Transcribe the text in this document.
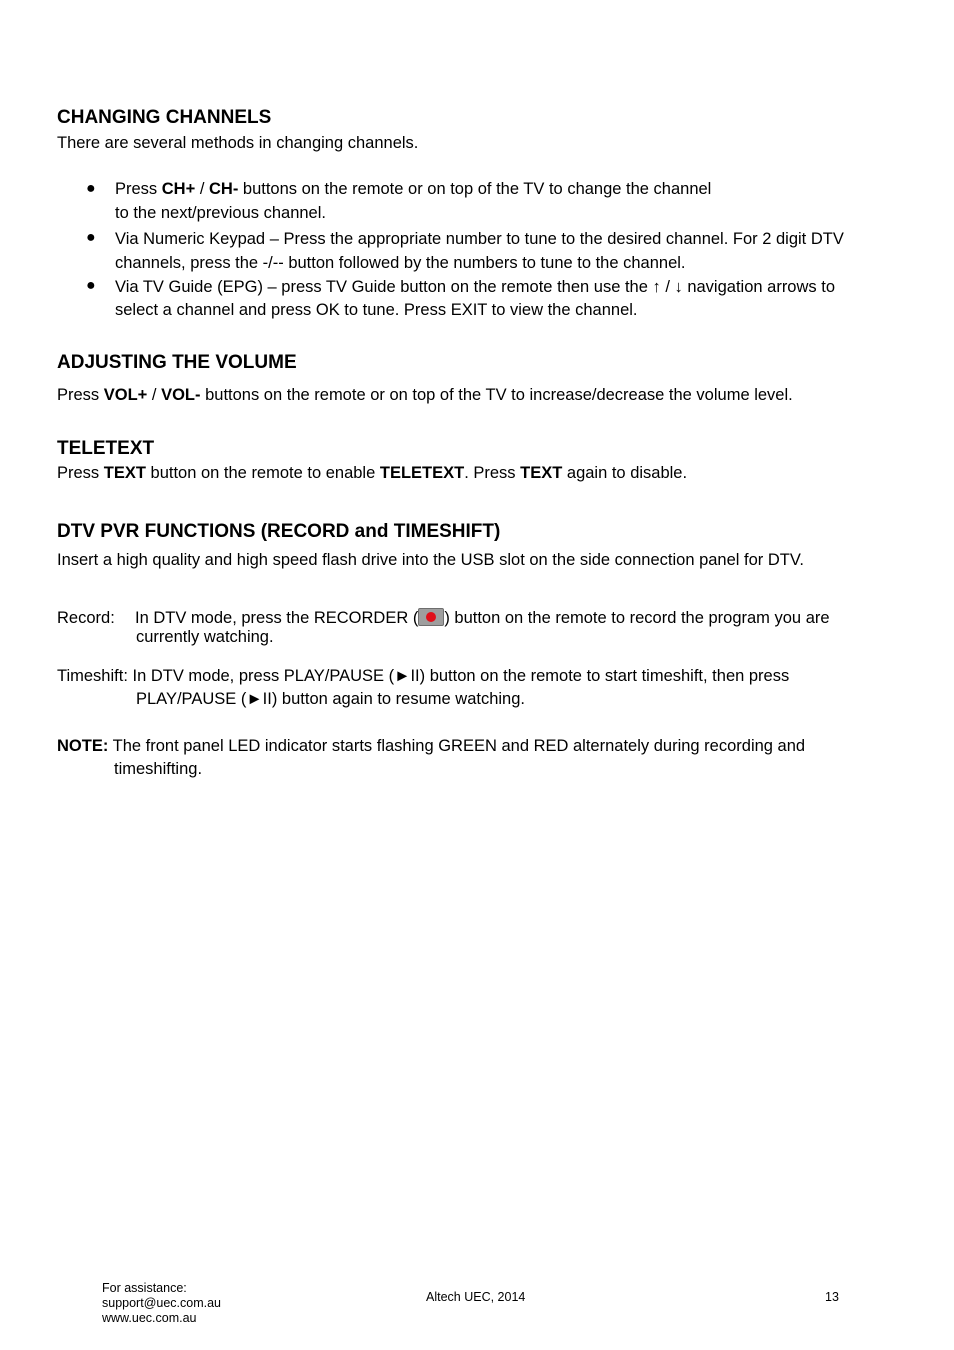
CHANGING CHANNELS
There are several methods in changing channels.
● Press CH+ / CH- buttons on the remote or on top of the TV to change the channel
to the next/previous channel.
● Via Numeric Keypad – Press the appropriate number to tune to the desired channel. For 2 digit DTV
channels, press the -/-- button followed by the numbers to tune to the channel.
● Via TV Guide (EPG) – press TV Guide button on the remote then use the ↑ / ↓ navigation arrows to
select a channel and press OK to tune. Press EXIT to view the channel.
ADJUSTING THE VOLUME
Press VOL+ / VOL- buttons on the remote or on top of the TV to increase/decrease the volume level.
TELETEXT
Press TEXT button on the remote to enable TELETEXT. Press TEXT again to disable.
DTV PVR FUNCTIONS (RECORD and TIMESHIFT)
Insert a high quality and high speed flash drive into the USB slot on the side connection panel for DTV.
Record: In DTV mode, press the RECORDER ( ) button on the remote to record the program you are
currently watching.
Timeshift: In DTV mode, press PLAY/PAUSE (►II) button on the remote to start timeshift, then press
PLAY/PAUSE (►II) button again to resume watching.
NOTE: The front panel LED indicator starts flashing GREEN and RED alternately during recording and
timeshifting.
For assistance:
support@uec.com.au
www.uec.com.au
Altech UEC, 2014	13
